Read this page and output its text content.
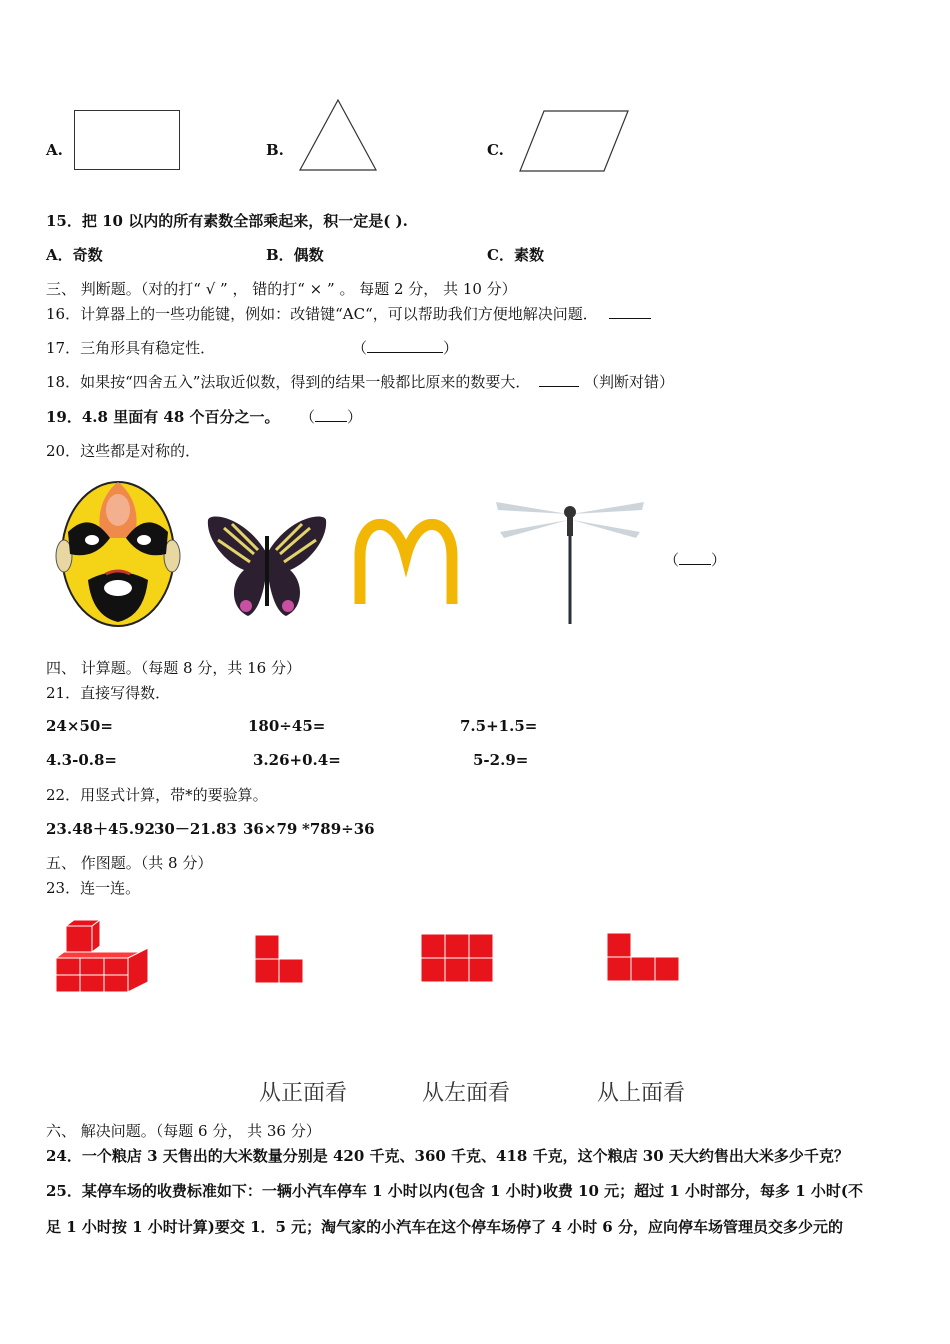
A.	B.	C.
15．把 10 以内的所有素数全部乘起来，积一定是( ).
A．奇数	B．偶数	C．素数
三、 判断题。（对的打“ √ ” ， 错的打“ × ” 。 每题 2 分， 共 10 分）
16．计算器上的一些功能键，例如：改错键“AC“，可以帮助我们方便地解决问题．
17．三角形具有稳定性．	（	）
18．如果按“四舍五入”法取近似数，得到的结果一般都比原来的数要大．	（判断对错）
19．4.8 里面有 48 个百分之一。 （ ）
20．这些都是对称的．
（ ）
四、 计算题。（每题 8 分，共 16 分）
21．直接写得数．
24×50=	180÷45=	7.5+1.5=
4.3-0.8=	3.26+0.4=	5-2.9=
22．用竖式计算，带*的要验算。
23.48＋45.92 30－21.83 36×79 *789÷36
五、 作图题。（共 8 分）
23．连一连。
从正面看	从左面看	从上面看
六、 解决问题。（每题 6 分， 共 36 分）
24．一个粮店 3 天售出的大米数量分别是 420 千克、360 千克、418 千克，这个粮店 30 天大约售出大米多少千克？
25．某停车场的收费标准如下：一辆小汽车停车 1 小时以内(包含 1 小时)收费 10 元；超过 1 小时部分，每多 1 小时(不
足 1 小时按 1 小时计算)要交 1．5 元；淘气家的小汽车在这个停车场停了 4 小时 6 分，应向停车场管理员交多少元的
